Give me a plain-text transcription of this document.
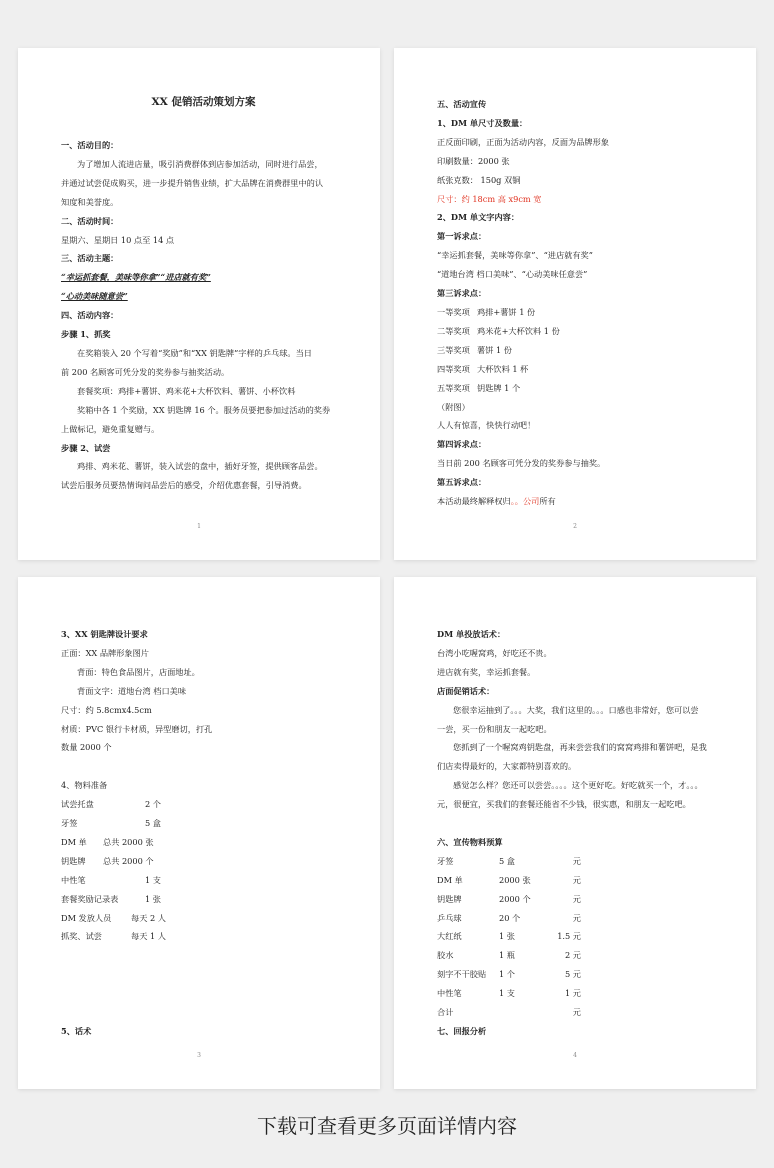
XX 促销活动策划方案
一、活动目的：
为了增加人流进店量，吸引消费群体到店参加活动，同时进行品尝，
并通过试尝促成购买，进一步提升销售业绩，扩大品牌在消费群里中的认
知度和美誉度。
二、活动时间：
星期六、星期日 10 点至 14 点
三、活动主题：
“幸运抓套餐，美味等你拿”“进店就有奖”
“心动美味随意尝”
四、活动内容：
步骤 1、抓奖
在奖箱装入 20 个写着“奖励”和“XX 钥匙牌”字样的乒乓球。当日
前 200 名顾客可凭分发的奖券参与抽奖活动。
套餐奖项：鸡排+薯饼、鸡米花+大杯饮料、薯饼、小杯饮料
奖箱中各 1 个奖励，XX 钥匙牌 16 个。服务员要把参加过活动的奖券
上做标记，避免重复赠与。
步骤 2、试尝
鸡排、鸡米花、薯饼，装入试尝的盘中，插好牙签，提供顾客品尝。
试尝后服务员要热情询问品尝后的感受，介绍优惠套餐，引导消费。
1
五、活动宣传
1、DM 单尺寸及数量：
正反面印刷，正面为活动内容，反面为品牌形象
印刷数量：2000 张
纸张克数： 150g 双铜
尺寸：约 18cm 高 x9cm 宽
2、DM 单文字内容：
第一诉求点：
“幸运抓套餐，美味等你拿”、“进店就有奖”
“道地台湾 档口美味”、“心动美味任意尝”
第三诉求点：
一等奖项 鸡排+薯饼 1 份
二等奖项 鸡米花+大杯饮料 1 份
三等奖项 薯饼 1 份
四等奖项 大杯饮料 1 杯
五等奖项 钥匙牌 1 个
（附图）
人人有惊喜，快快行动吧！
第四诉求点：
当日前 200 名顾客可凭分发的奖券参与抽奖。
第五诉求点：
本活动最终解释权归。。公司所有
2
3、XX 钥匙牌设计要求
正面：XX 品牌形象图片
背面：特色食品图片，店面地址。
背面文字：道地台湾 档口美味
尺寸：约 5.8cmx4.5cm
材质：PVC 银行卡材质，异型磨切，打孔
数量 2000 个
4、物料准备
试尝托盘	2 个
牙签	5 盒
DM 单 总共 2000 张
钥匙牌 总共 2000 个
中性笔	1 支
套餐奖励记录表	1 张
DM 发放人员 每天 2 人
抓奖、试尝	每天 1 人
5、话术
3
DM 单投放话术：
台湾小吃喔窝鸡，好吃还不贵。
进店就有奖，幸运抓套餐。
店面促销话术：
您很幸运抽到了。。。大奖，我们这里的。。。口感也非常好，您可以尝
一尝，买一份和朋友一起吃吧。
您抓到了一个喔窝鸡钥匙盘，再来尝尝我们的窝窝鸡排和薯饼吧，是我
们店卖得最好的，大家都特别喜欢的。
感觉怎么样？您还可以尝尝。。。。这个更好吃。好吃就买一个，才。。。
元，很便宜，买我们的套餐还能省不少钱，很实惠，和朋友一起吃吧。
六、宣传物料预算
牙签	5 盒	元
DM 单	2000 张	元
钥匙牌	2000 个	元
乒乓球	20 个	元
大红纸	1 张	1.5 元
胶水	1 瓶	2 元
刻字不干胶贴 1 个	5 元
中性笔	1 支	1 元
合计	元
七、回报分析
4
下载可查看更多页面详情内容
